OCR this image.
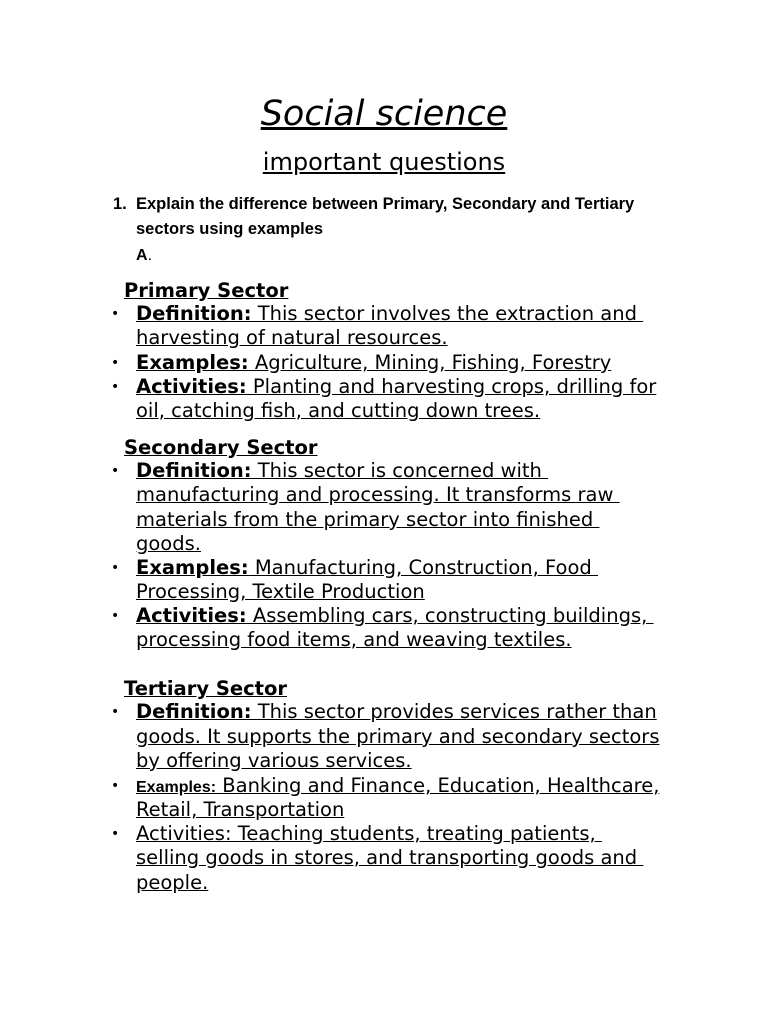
Social science
important questions
1. Explain the difference between Primary, Secondary and Tertiary
sectors using examples
A.
Primary Sector
• Definition: This sector involves the extraction and
harvesting of natural resources.
• Examples: Agriculture, Mining, Fishing, Forestry
• Activities: Planting and harvesting crops, drilling for
oil, catching fish, and cutting down trees.
Secondary Sector
• Definition: This sector is concerned with
manufacturing and processing. It transforms raw
materials from the primary sector into finished
goods.
• Examples: Manufacturing, Construction, Food
Processing, Textile Production
• Activities: Assembling cars, constructing buildings,
processing food items, and weaving textiles.
Tertiary Sector
• Definition: This sector provides services rather than
goods. It supports the primary and secondary sectors
by offering various services.
• Examples: Banking and Finance, Education, Healthcare,
Retail, Transportation
• Activities: Teaching students, treating patients,
selling goods in stores, and transporting goods and
people.
